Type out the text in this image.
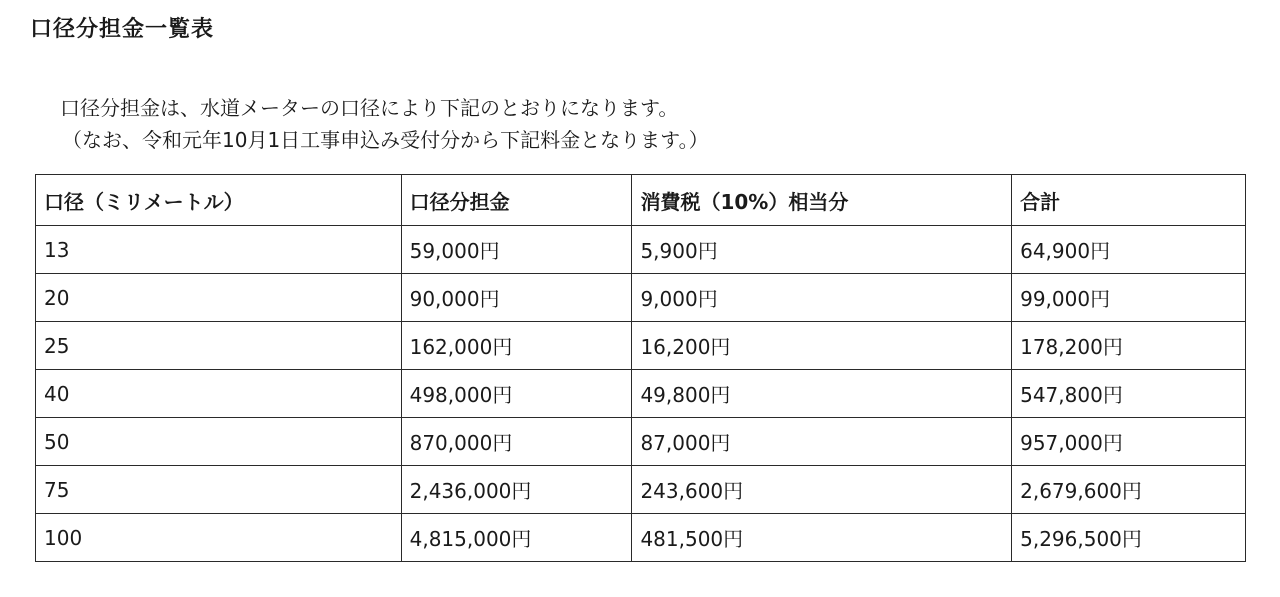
口径分担金一覧表
口径分担金は、水道メーターの口径により下記のとおりになります。
（なお、令和元年10月1日工事申込み受付分から下記料金となります。）
口径（ミリメートル）	口径分担金	消費税（10%）相当分	合計
13	59,000円	5,900円	64,900円
20	90,000円	9,000円	99,000円
25	162,000円	16,200円	178,200円
40	498,000円	49,800円	547,800円
50	870,000円	87,000円	957,000円
75	2,436,000円	243,600円	2,679,600円
100	4,815,000円	481,500円	5,296,500円
